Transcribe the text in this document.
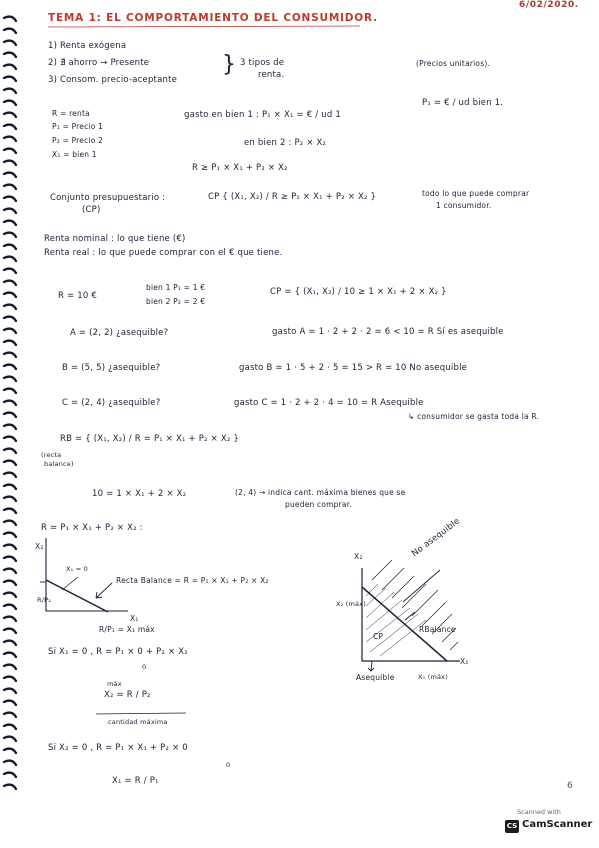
TEMA 1: EL COMPORTAMIENTO DEL CONSUMIDOR.
6/02/2020.
1) Renta exógena
2) ∄ ahorro → Presente
3) Consom. precio-aceptante
} 3 tipos de
renta.
(Precios unitarios).
R = renta
P₁ = Precio 1
P₂ = Precio 2
X₁ = bien 1
gasto en bien 1 : P₁ × X₁ = € / ud 1
P₁ = € / ud bien 1.
en bien 2 : P₂ × X₂
R ≥ P₁ × X₁ + P₂ × X₂
Conjunto presupuestario :
(CP)
CP { (X₁, X₂) / R ≥ P₁ × X₁ + P₂ × X₂ }	todo lo que puede comprar
1 consumidor.
Renta nominal : lo que tiene (€)
Renta real : lo que puede comprar con el € que tiene.
R = 10 €
bien 1 P₁ = 1 €
bien 2 P₂ = 2 €
CP = { (X₁, X₂) / 10 ≥ 1 × X₁ + 2 × X₂ }
A = (2, 2) ¿asequible?	gasto A = 1 · 2 + 2 · 2 = 6 < 10 = R Sí es asequible
B = (5, 5) ¿asequible?	gasto B = 1 · 5 + 2 · 5 = 15 > R = 10 No asequible
C = (2, 4) ¿asequible?	gasto C = 1 · 2 + 2 · 4 = 10 = R Asequible
↳ consumidor se gasta toda la R.
RB = { (X₁, X₂) / R = P₁ × X₁ + P₂ × X₂ }
(recta
balance)
10 = 1 × X₁ + 2 × X₂	(2, 4) → indica cant. máxima bienes que se
pueden comprar.
R = P₁ × X₁ + P₂ × X₂ :
X₂
X₁ = 0
R/P₂
Recta Balance = R = P₁ × X₁ + P₂ × X₂
X₁
R/P₁ = X₁ máx
No asequible
X₂
X₂ (máx)
CP
RBalance
X₁
Asequible	X₁ (máx)
Si X₁ = 0 , R = P₁ × 0 + P₂ × X₂
0
máx
X₂ = R / P₂
cantidad máxima
Si X₂ = 0 , R = P₁ × X₁ + P₂ × 0
0
X₁ = R / P₁	6
Scanned with
CS CamScanner
